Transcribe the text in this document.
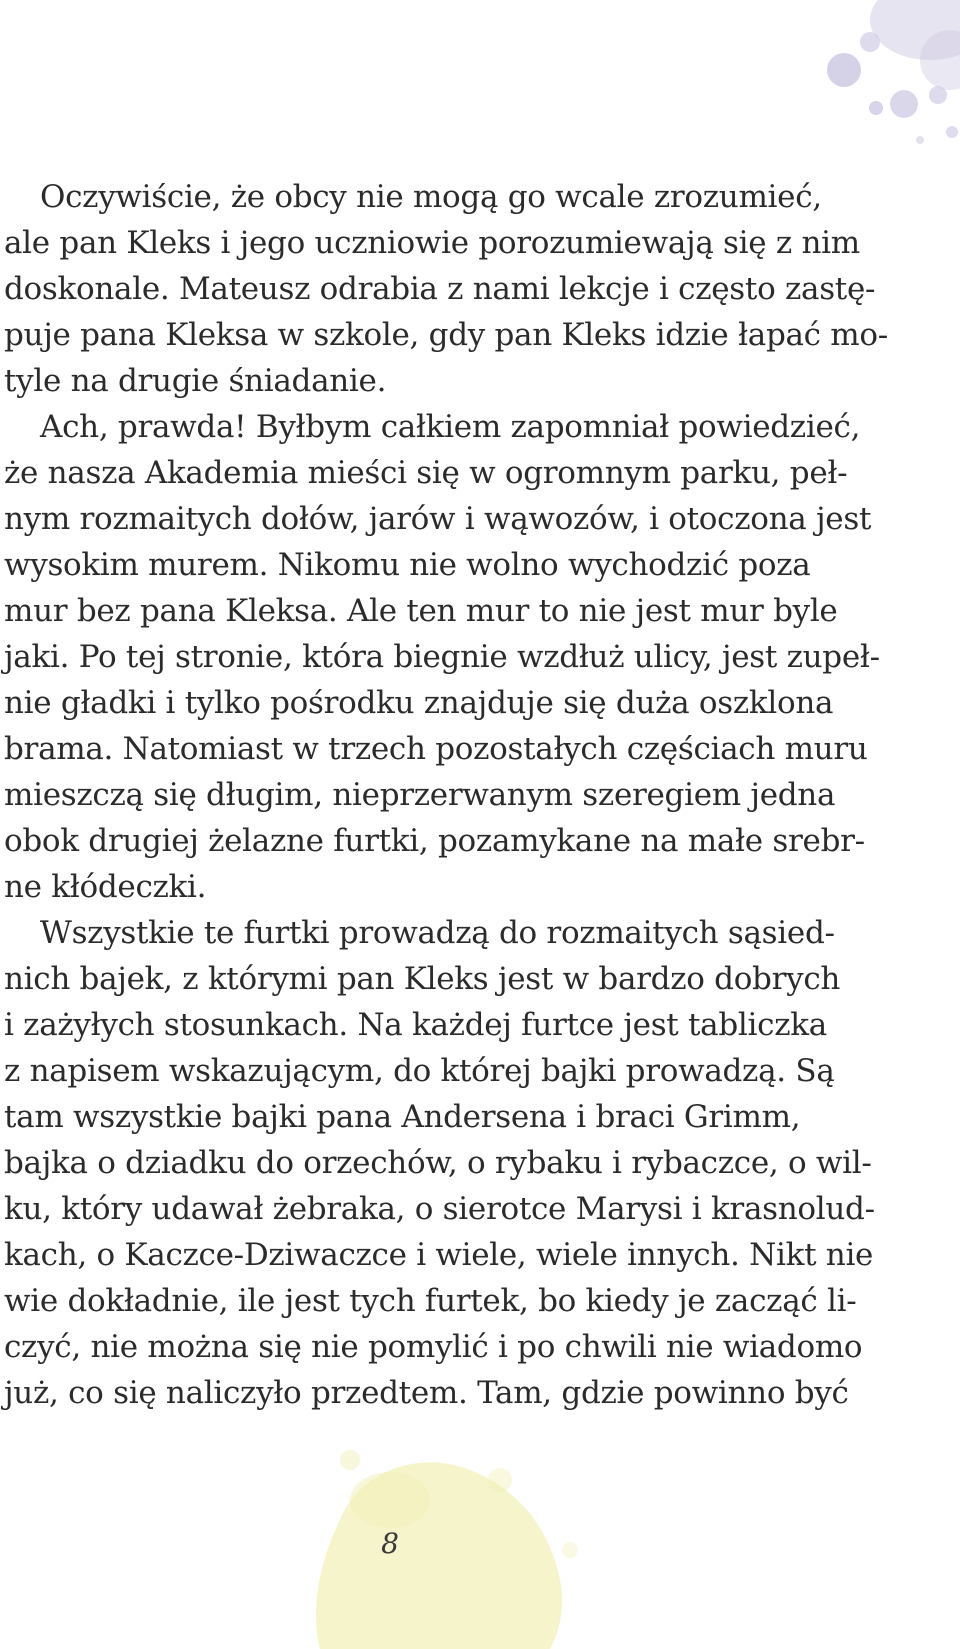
Oczywiście, że obcy nie mogą go wcale zrozumieć,
ale pan Kleks i jego uczniowie porozumiewają się z nim
doskonale. Mateusz odrabia z nami lekcje i często zastę-
puje pana Kleksa w szkole, gdy pan Kleks idzie łapać mo-
tyle na drugie śniadanie.
Ach, prawda! Byłbym całkiem zapomniał powiedzieć,
że nasza Akademia mieści się w ogromnym parku, peł-
nym rozmaitych dołów, jarów i wąwozów, i otoczona jest
wysokim murem. Nikomu nie wolno wychodzić poza
mur bez pana Kleksa. Ale ten mur to nie jest mur byle
jaki. Po tej stronie, która biegnie wzdłuż ulicy, jest zupeł-
nie gładki i tylko pośrodku znajduje się duża oszklona
brama. Natomiast w trzech pozostałych częściach muru
mieszczą się długim, nieprzerwanym szeregiem jedna
obok drugiej żelazne furtki, pozamykane na małe srebr-
ne kłódeczki.
Wszystkie te furtki prowadzą do rozmaitych sąsied-
nich bajek, z którymi pan Kleks jest w bardzo dobrych
i zażyłych stosunkach. Na każdej furtce jest tabliczka
z napisem wskazującym, do której bajki prowadzą. Są
tam wszystkie bajki pana Andersena i braci Grimm,
bajka o dziadku do orzechów, o rybaku i rybaczce, o wil-
ku, który udawał żebraka, o sierotce Marysi i krasnolud-
kach, o Kaczce-Dziwaczce i wiele, wiele innych. Nikt nie
wie dokładnie, ile jest tych furtek, bo kiedy je zacząć li-
czyć, nie można się nie pomylić i po chwili nie wiadomo
już, co się naliczyło przedtem. Tam, gdzie powinno być
8
